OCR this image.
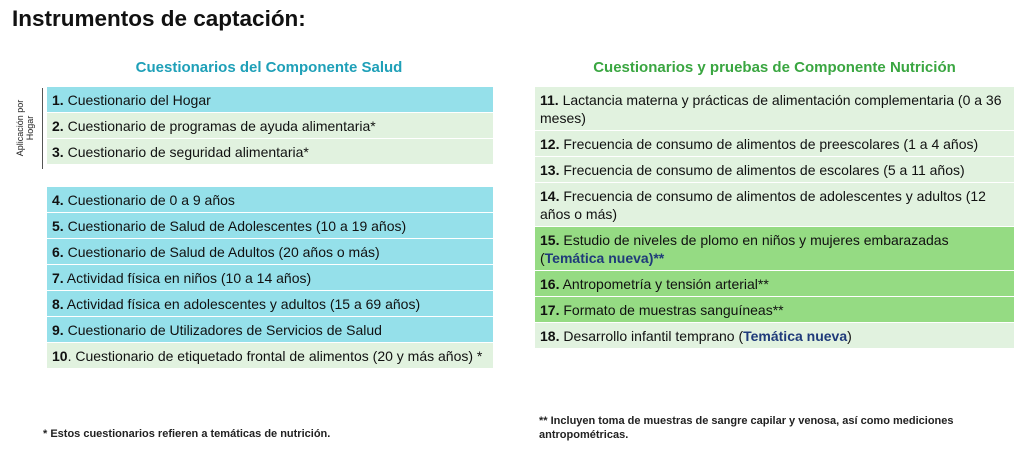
Instrumentos de captación:
Cuestionarios del Componente Salud	Cuestionarios y pruebas de Componente Nutrición
Aplicación por
Hogar
1. Cuestionario del Hogar
2. Cuestionario de programas de ayuda alimentaria*
3. Cuestionario de seguridad alimentaria*
4. Cuestionario de 0 a 9 años
5. Cuestionario de Salud de Adolescentes (10 a 19 años)
6. Cuestionario de Salud de Adultos (20 años o más)
7. Actividad física en niños (10 a 14 años)
8. Actividad física en adolescentes y adultos (15 a 69 años)
9. Cuestionario de Utilizadores de Servicios de Salud
10. Cuestionario de etiquetado frontal de alimentos (20 y más años) *
11. Lactancia materna y prácticas de alimentación complementaria (0 a 36 meses)
12. Frecuencia de consumo de alimentos de preescolares (1 a 4 años)
13. Frecuencia de consumo de alimentos de escolares (5 a 11 años)
14. Frecuencia de consumo de alimentos de adolescentes y adultos (12 años o más)
15. Estudio de niveles de plomo en niños y mujeres embarazadas (Temática nueva)**
16. Antropometría y tensión arterial**
17. Formato de muestras sanguíneas**
18. Desarrollo infantil temprano (Temática nueva)
* Estos cuestionarios refieren a temáticas de nutrición.
** Incluyen toma de muestras de sangre capilar y venosa, así como mediciones antropométricas.
